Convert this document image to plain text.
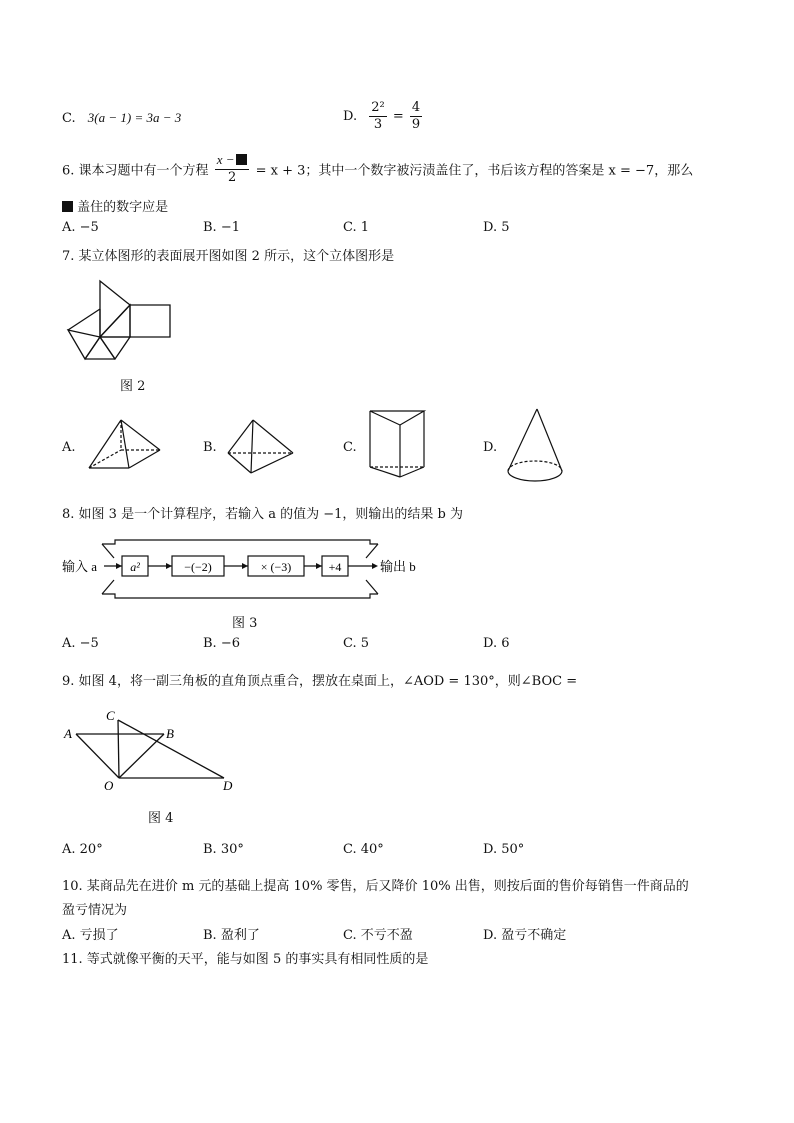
C. 3(a − 1) = 3a − 3	D. $\frac{\text{2²}}{3} = \frac{4}{9}$
6. 课本习题中有一个方程 $\frac{x -}{2} = x + 3$；其中一个数字被污渍盖住了，书后该方程的答案是 x = −7，那么
盖住的数字应是
A. −5	B. −1	C. 1	D. 5
7. 某立体图形的表面展开图如图 2 所示，这个立体图形是
图 2
A.	B.	C.	D.
8. 如图 3 是一个计算程序，若输入 a 的值为 −1，则输出的结果 b 为
输入 a	a²	−(−2)	× (−3)	+4	输出 b
图 3
A. −5	B. −6	C. 5	D. 6
9. 如图 4，将一副三角板的直角顶点重合，摆放在桌面上，∠AOD = 130°，则∠BOC =
A	B
C
O	D
图 4
A. 20°	B. 30°	C. 40°	D. 50°
10. 某商品先在进价 m 元的基础上提高 10% 零售，后又降价 10% 出售，则按后面的售价每销售一件商品的
盈亏情况为
A. 亏损了	B. 盈利了	C. 不亏不盈	D. 盈亏不确定
11. 等式就像平衡的天平，能与如图 5 的事实具有相同性质的是
